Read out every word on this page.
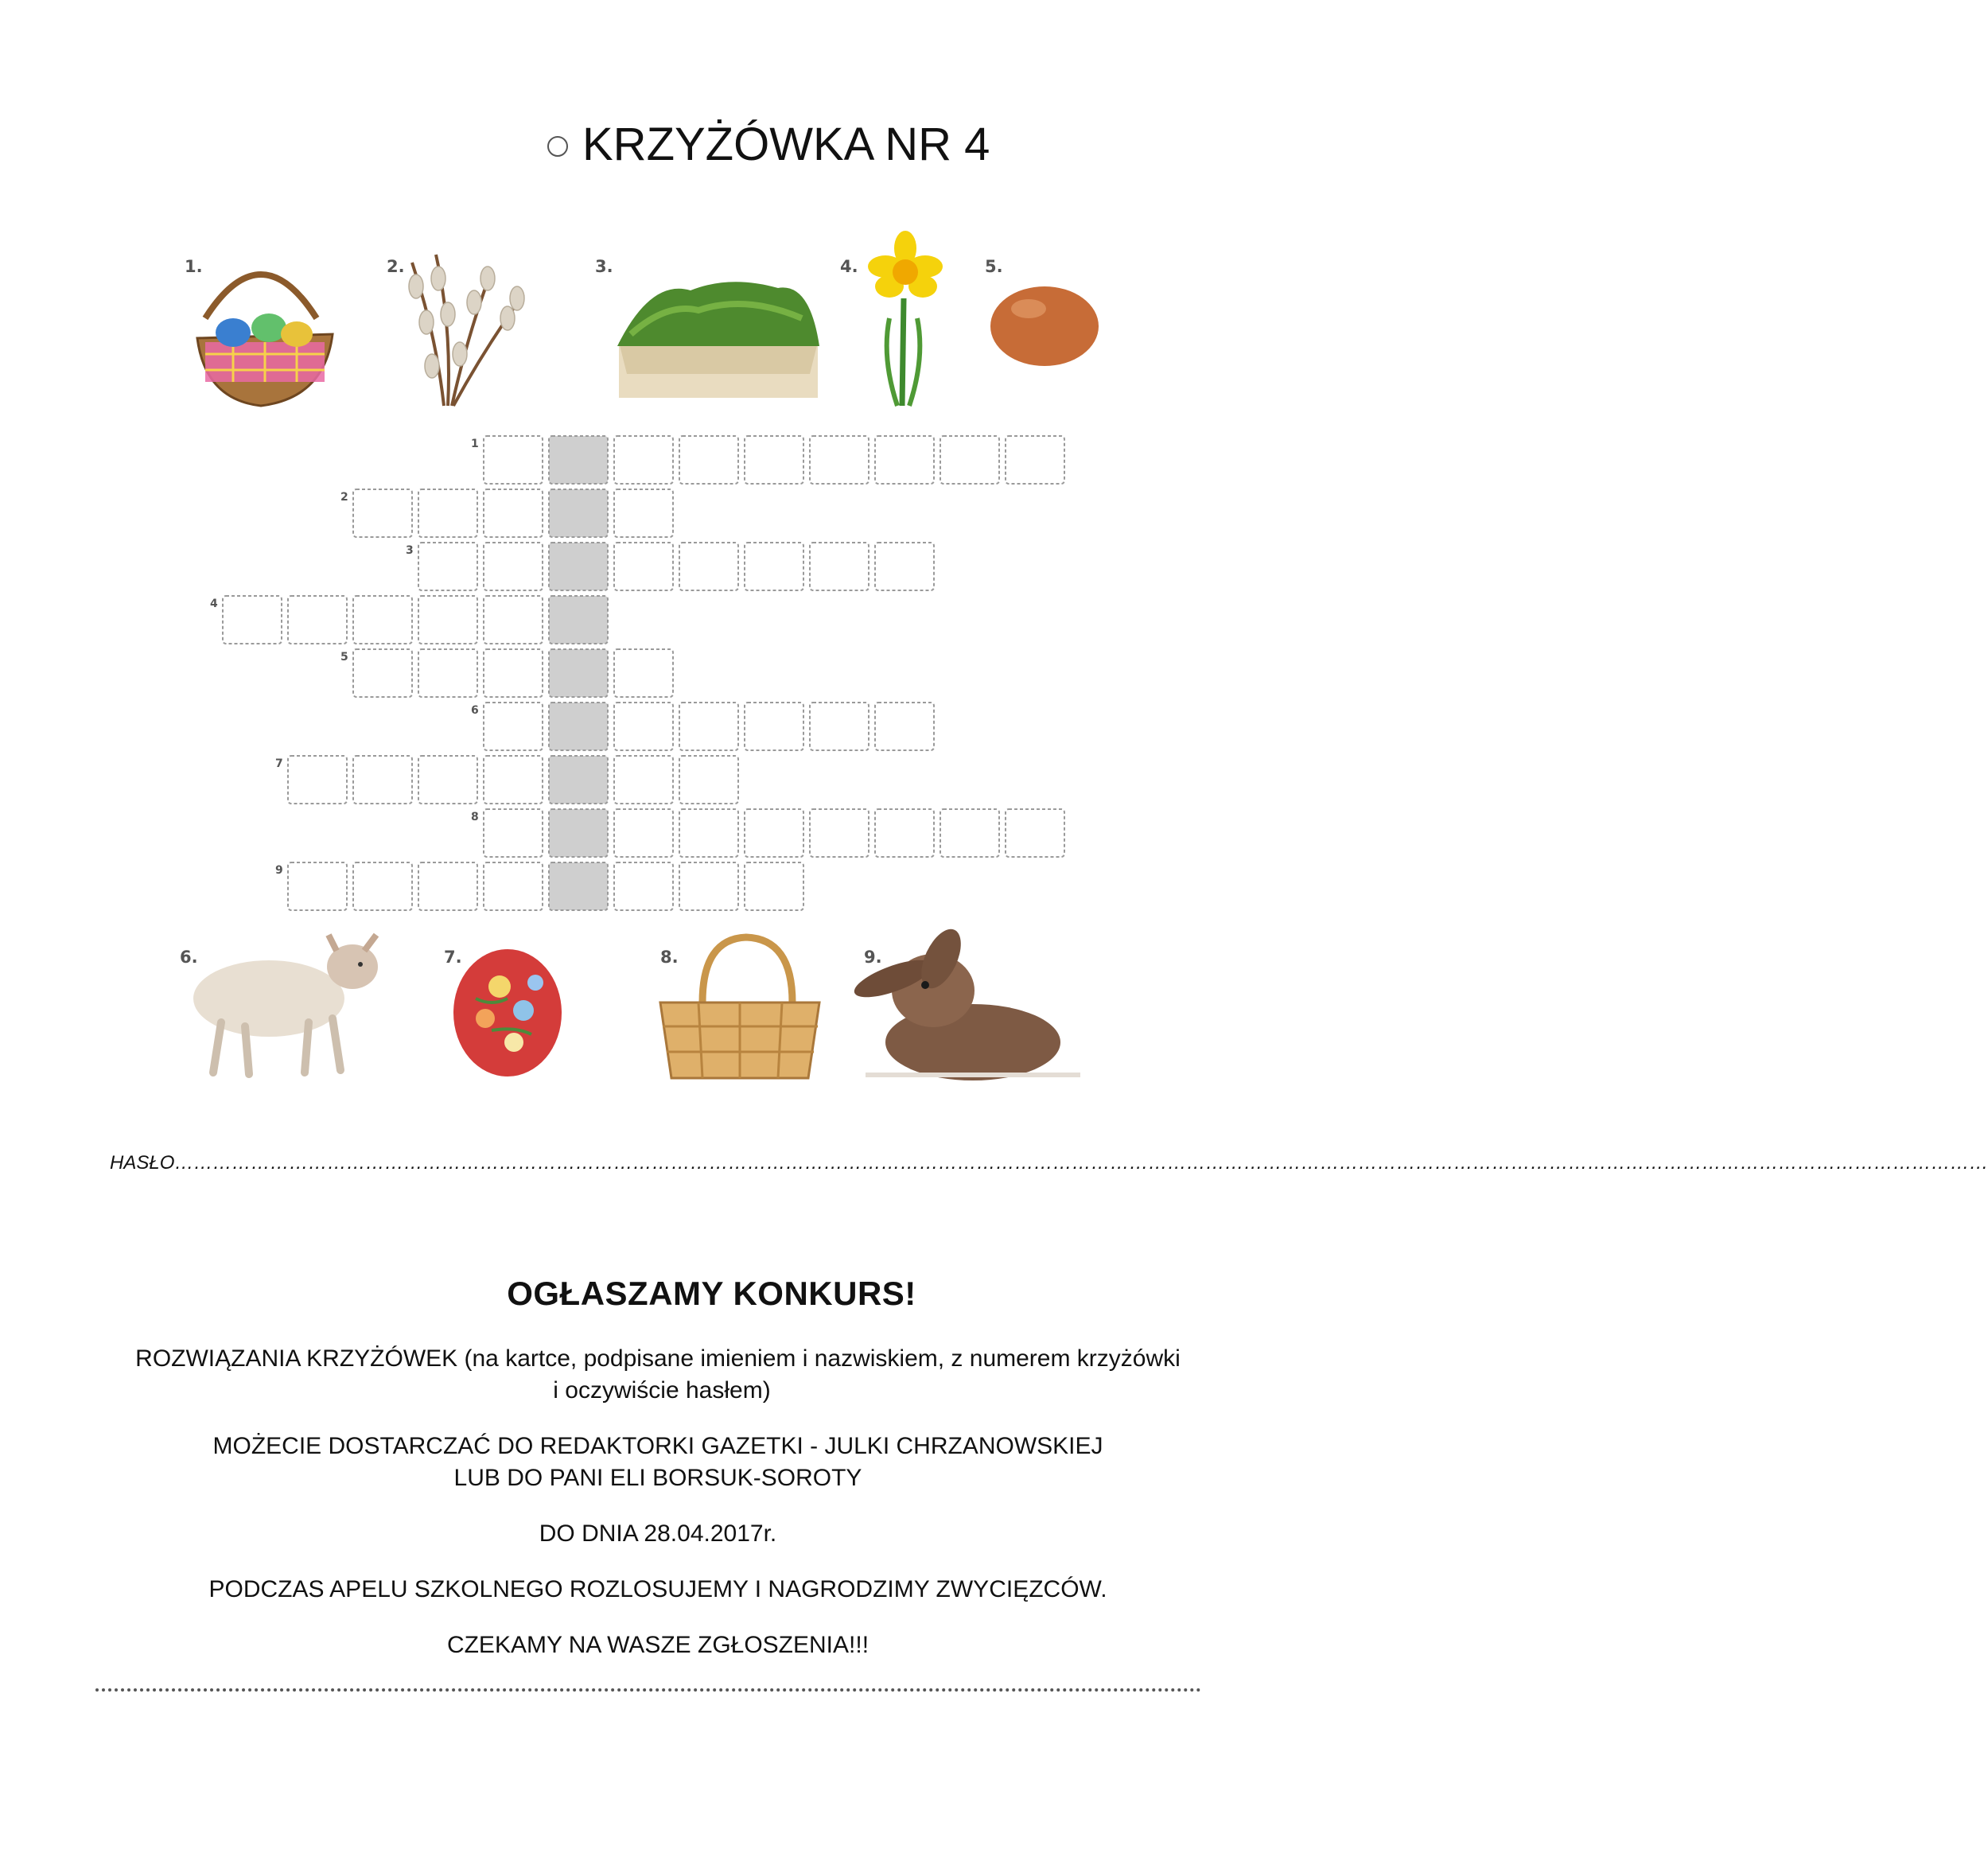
KRZYŻÓWKA NR 4
1.	2.	3.	4.	5.
1
2
3
4
5
6
7
8
9
6.	7.	8.	9.
HASŁO……………………………………………………………………………………………………………………………………………………………………………………………………………………………………………………………
OGŁASZAMY KONKURS!
ROZWIĄZANIA KRZYŻÓWEK (na kartce, podpisane imieniem i nazwiskiem, z numerem krzyżówki
i oczywiście hasłem)
MOŻECIE DOSTARCZAĆ DO REDAKTORKI GAZETKI - JULKI CHRZANOWSKIEJ
LUB DO PANI ELI BORSUK-SOROTY
DO DNIA 28.04.2017r.
PODCZAS APELU SZKOLNEGO ROZLOSUJEMY I NAGRODZIMY ZWYCIĘZCÓW.
CZEKAMY NA WASZE ZGŁOSZENIA!!!
